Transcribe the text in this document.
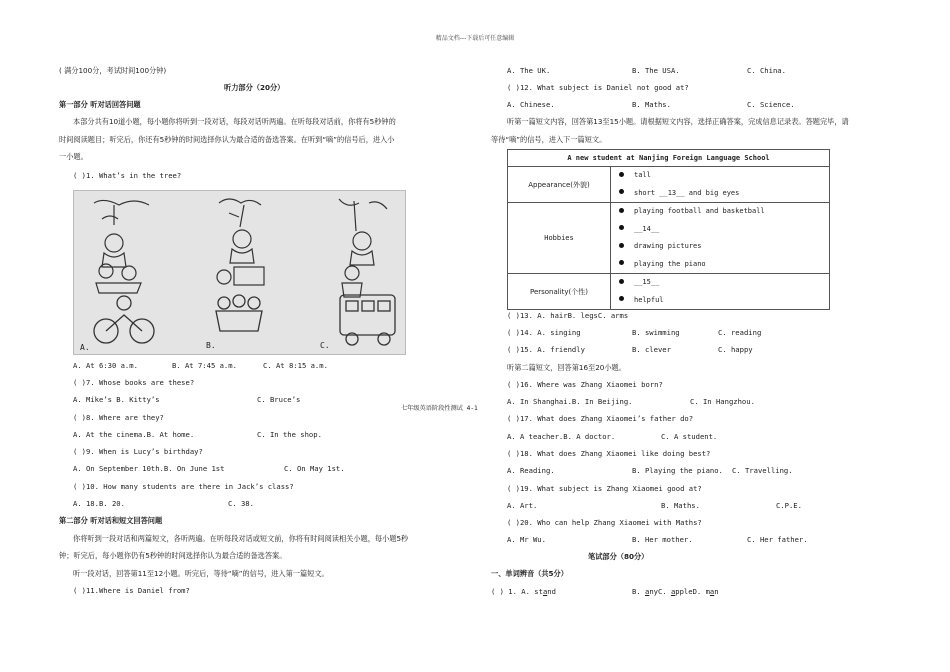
精品文档---下载后可任意编辑
( 满分100分，考试时间100分钟)
听力部分（20分）
第一部分 听对话回答问题
本部分共有10道小题，每小题你将听到一段对话，每段对话听两遍。在听每段对话前，你将有5秒钟的
时间阅读题目；听完后，你还有5秒钟的时间选择你认为最合适的备选答案。在听到“嘀”的信号后，进入小
一小题。
( )1. What’s in the tree?
A.	B.	C.
A. At 6:30 a.m.	B. At 7:45 a.m.	C. At 8:15 a.m.
( )7. Whose books are these?
A. Mike’s B. Kitty’s	C. Bruce’s
( )8. Where are they?
A. At the cinema.B. At home.	C. In the shop.
( )9. When is Lucy’s birthday?
A. On September 10th.B. On June 1st	C. On May 1st.
( )10. How many students are there in Jack’s class?
A. 18.B. 20.	C. 38.
第二部分 听对话和短文回答问题
你将听到一段对话和两篇短文，各听两遍。在听每段对话或短文前，你将有时间阅读相关小题，每小题5秒
钟；听完后，每小题你仍有5秒钟的时间选择你认为最合适的备选答案。
听一段对话，回答第11至12小题。听完后，等待“嘀”的信号，进入第一篇短文。
( )11.Where is Daniel from?
七年级英语阶段性测试 4-1
A. The UK.	B. The USA.	C. China.
( )12. What subject is Daniel not good at?
A. Chinese.	B. Maths.	C. Science.
听第一篇短文内容，回答第13至15小题。请根据短文内容，选择正确答案，完成信息记录表。答题完毕，请
等待“嘀”的信号，进入下一篇短文。
A new student at Nanjing Foreign Language School	
Appearance(外貌)	tall
short __13__ and big eyes

Hobbies	playing football and basketball
__14__
drawing pictures
playing the piano

Personality(个性)	__15__
helpful
( )13. A. hairB. legsC. arms
( )14. A. singing	B. swimming	C. reading
( )15. A. friendly	B. clever	C. happy
听第二篇短文，回答第16至20小题。
( )16. Where was Zhang Xiaomei born?
A. In Shanghai.B. In Beijing.	C. In Hangzhou.
( )17. What does Zhang Xiaomei’s father do?
A. A teacher.B. A doctor.	C. A student.
( )18. What does Zhang Xiaomei like doing best?
A. Reading.	B. Playing the piano. C. Travelling.
( )19. What subject is Zhang Xiaomei good at?
A. Art.	B. Maths.	C.P.E.
( )20. Who can help Zhang Xiaomei with Maths?
A. Mr Wu.	B. Her mother.	C. Her father.
笔试部分（80分）
一、单词辨音（共5分）
( ) 1. A. stand	B. anyC. appleD. man
